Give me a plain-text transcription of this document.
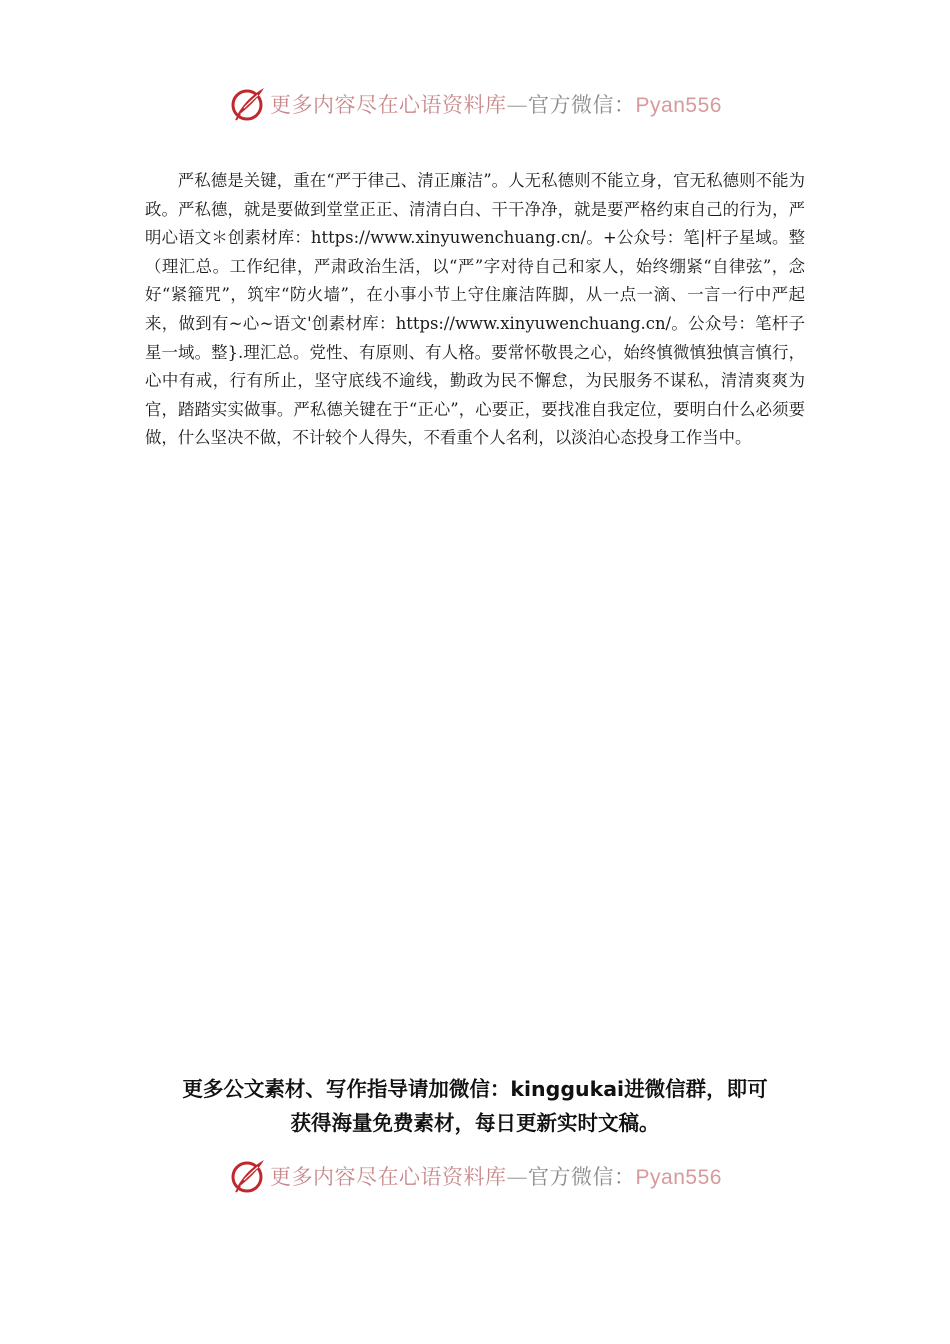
更多内容尽在心语资料库—官方微信：Pyan556

严私德是关键，重在“严于律己、清正廉洁”。人无私德则不能立身，官无私德则不能为政。严私德，就是要做到堂堂正正、清清白白、干干净净，就是要严格约束自己的行为，严明心语文＊创素材库：https://www.xinyuwenchuang.cn/。+公众号：笔|杆子星域。整（理汇总。工作纪律，严肃政治生活，以“严”字对待自己和家人，始终绷紧“自律弦”，念好“紧箍咒”，筑牢“防火墙”，在小事小节上守住廉洁阵脚，从一点一滴、一言一行中严起来，做到有~心~语文'创素材库：https://www.xinyuwenchuang.cn/。公众号：笔杆子星一域。整}.理汇总。党性、有原则、有人格。要常怀敬畏之心，始终慎微慎独慎言慎行，心中有戒，行有所止，坚守底线不逾线，勤政为民不懈怠，为民服务不谋私，清清爽爽为官，踏踏实实做事。严私德关键在于“正心”，心要正，要找准自我定位，要明白什么必须要做，什么坚决不做，不计较个人得失，不看重个人名利，以淡泊心态投身工作当中。

更多公文素材、写作指导请加微信：kinggukai进微信群，即可
获得海量免费素材，每日更新实时文稿。
更多内容尽在心语资料库—官方微信：Pyan556
